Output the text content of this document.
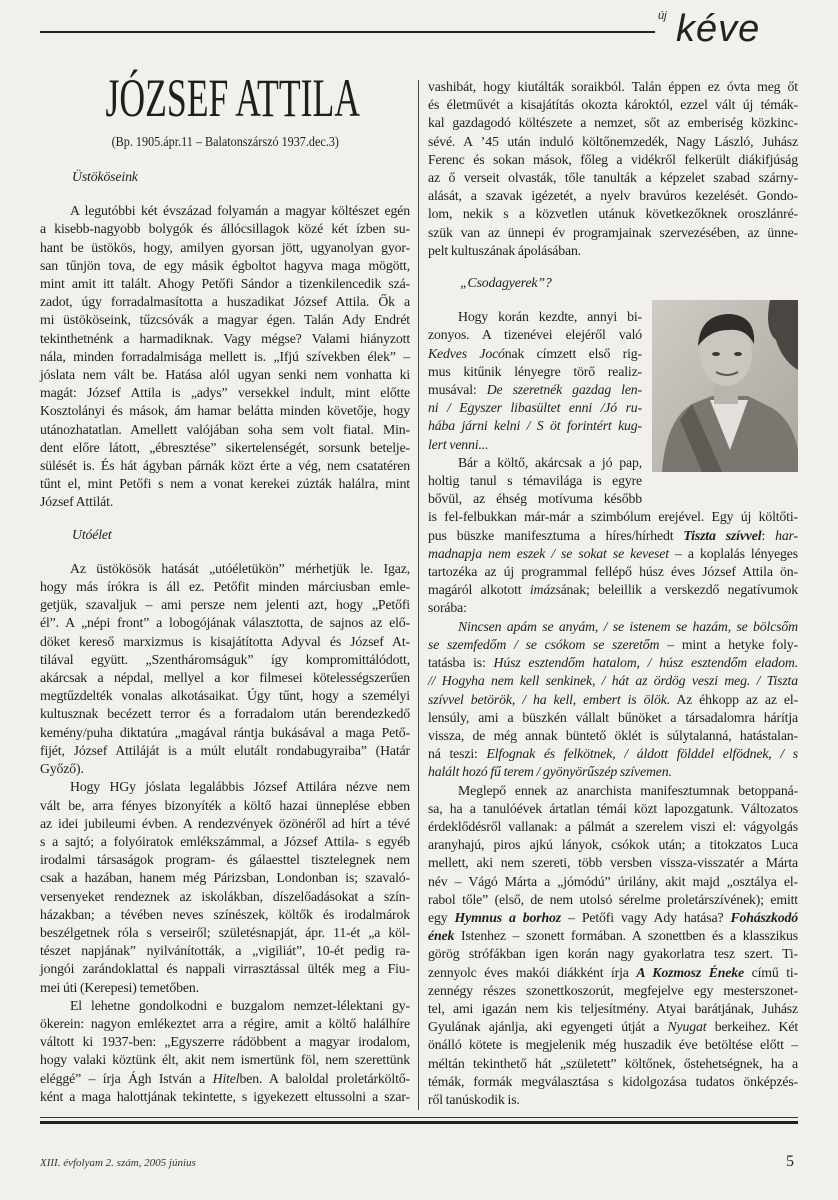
új kéve
JÓZSEF ATTILA
(Bp. 1905.ápr.11 – Balatonszárszó 1937.dec.3)
Üstököseink
A legutóbbi két évszázad folyamán a magyar költészet egén
a kisebb-nagyobb bolygók és állócsillagok közé két ízben su-
hant be üstökös, hogy, amilyen gyorsan jött, ugyanolyan gyor-
san tűnjön tova, de egy másik égboltot hagyva maga mögött,
mint amit itt talált. Ahogy Petőfi Sándor a tizenkilencedik szá-
zadot, úgy forradalmasította a huszadikat József Attila. Ők a
mi üstököseink, tűzcsóvák a magyar égen. Talán Ady Endrét
tekinthetnénk a harmadiknak. Vagy mégse? Valami hiányzott
nála, minden forradalmisága mellett is. „Ifjú szívekben élek” –
jóslata nem vált be. Hatása alól ugyan senki nem vonhatta ki
magát: József Attila is „adys” versekkel indult, mint előtte
Kosztolányi és mások, ám hamar belátta minden követője, hogy
utánozhatatlan. Amellett valójában soha sem volt fiatal. Min-
dent előre látott, „ébresztése” sikertelenségét, sorsunk betelje-
sülését is. És hát ágyban párnák közt érte a vég, nem csatatéren
tűnt el, mint Petőfi s nem a vonat kerekei zúzták halálra, mint
József Attilát.
Utóélet
Az üstökösök hatását „utóéletükön” mérhetjük le. Igaz,
hogy más írókra is áll ez. Petőfit minden márciusban emle-
getjük, szavaljuk – ami persze nem jelenti azt, hogy „Petőfi
él”. A „népi front” a lobogójának választotta, de sajnos az elő-
döket kereső marxizmus is kisajátította Adyval és József At-
tilával együtt. „Szentháromságuk” így kompromittálódott,
akárcsak a népdal, mellyel a kor filmesei kötelességszerűen
megtűzdelték vonalas alkotásaikat. Úgy tűnt, hogy a személyi
kultusznak becézett terror és a forradalom után berendezkedő
kemény/puha diktatúra „magával rántja bukásával a maga Pető-
fijét, József Attiláját is a múlt elutált rondabugyraiba” (Határ
Győző).
Hogy HGy jóslata legalábbis József Attilára nézve nem
vált be, arra fényes bizonyíték a költő hazai ünneplése ebben
az idei jubileumi évben. A rendezvények özönéről ad hírt a tévé
s a sajtó; a folyóiratok emlékszámmal, a József Attila- s egyéb
irodalmi társaságok program- és gálaesttel tisztelegnek nem
csak a hazában, hanem még Párizsban, Londonban is; szavaló-
versenyeket rendeznek az iskolákban, díszelőadásokat a szín-
házakban; a tévében neves színészek, költők és irodalmárok
beszélgetnek róla s verseiről; születésnapját, ápr. 11-ét „a köl-
tészet napjának” nyilvánították, a „vigiliát”, 10-ét pedig ra-
jongói zarándoklattal és nappali virrasztással ülték meg a Fiu-
mei úti (Kerepesi) temetőben.
El lehetne gondolkodni e buzgalom nemzet-lélektani gy-
ökerein: nagyon emlékeztet arra a régire, amit a költő halálhíre
váltott ki 1937-ben: „Egyszerre rádöbbent a magyar irodalom,
hogy valaki köztünk élt, akit nem ismertünk föl, nem szerettünk
eléggé” – írja Ágh István a Hitelben. A baloldal proletárköltő-
ként a maga halottjának tekintette, s igyekezett eltussolni a szar-
vashibát, hogy kiutálták soraikból. Talán éppen ez óvta meg őt
és életművét a kisajátítás okozta károktól, ezzel vált új témák-
kal gazdagodó költészete a nemzet, sőt az emberiség közkinc-
sévé. A ’45 után induló költőnemzedék, Nagy László, Juhász
Ferenc és sokan mások, főleg a vidékről felkerült diákifjúság
az ő verseit olvasták, tőle tanulták a képzelet szabad szárny-
alását, a szavak igézetét, a nyelv bravúros kezelését. Gondo-
lom, nekik s a közvetlen utánuk következőknek oroszlánré-
szük van az ünnepi év programjainak szervezésében, az ünne-
pelt kultuszának ápolásában.
„Csodagyerek”?
Hogy korán kezdte, annyi bi-
zonyos. A tizenévei elejéről való
Kedves Jocónak címzett első rig-
mus kitűnik lényegre törő realiz-
musával: De szeretnék gazdag len-
ni / Egyszer libasültet enni /Jó ru-
hába járni kelni / S öt forintért kug-
lert venni...
Bár a költő, akárcsak a jó pap,
holtig tanul s témavilága is egyre
bővül, az éhség motívuma később
is fel-felbukkan már-már a szimbólum erejével. Egy új költőti-
pus büszke manifesztuma a híres/hírhedt Tiszta szívvel: har-
madnapja nem eszek / se sokat se keveset – a koplalás lényeges
tartozéka az új programmal fellépő húsz éves József Attila ön-
magáról alkotott imázsának; beleillik a verskezdő negatívumok
sorába:
Nincsen apám se anyám, / se istenem se hazám, se bölcsőm
se szemfedőm / se csókom se szeretőm – mint a hetyke foly-
tatásba is: Húsz esztendőm hatalom, / húsz esztendőm eladom.
// Hogyha nem kell senkinek, / hát az ördög veszi meg. / Tiszta
szívvel betörök, / ha kell, embert is ölök. Az éhkopp az az el-
lensúly, ami a büszkén vállalt bűnöket a társadalomra hárítja
vissza, de még annak büntető öklét is súlytalanná, hatástalan-
ná teszi: Elfognak és felkötnek, / áldott földdel elfödnek, / s
halált hozó fű terem / gyönyörűszép szívemen.
Meglepő ennek az anarchista manifesztumnak betoppaná-
sa, ha a tanulóévek ártatlan témái közt lapozgatunk. Változatos
érdeklődésről vallanak: a pálmát a szerelem viszi el: vágyolgás
aranyhajú, piros ajkú lányok, csókok után; a titokzatos Luca
mellett, aki nem szereti, több versben vissza-visszatér a Márta
név – Vágó Márta a „jómódú” úrilány, akit majd „osztálya el-
rabol tőle” (első, de nem utolsó sérelme proletárszívének); emitt
egy Hymnus a borhoz – Petőfi vagy Ady hatása? Fohászkodó
ének Istenhez – szonett formában. A szonettben és a klasszikus
görög strófákban igen korán nagy gyakorlatra tesz szert. Ti-
zennyolc éves makói diákként írja A Kozmosz Éneke című ti-
zennégy részes szonettkoszorút, megfejelve egy mesterszonet-
tel, ami igazán nem kis teljesítmény. Atyai barátjának, Juhász
Gyulának ajánlja, aki egyengeti útját a Nyugat berkeihez. Két
önálló kötete is megjelenik még huszadik éve betöltése előtt –
méltán tekinthető hát „született” költőnek, őstehetségnek, ha a
témák, formák megválasztása s kidolgozása tudatos önképzés-
ről tanúskodik is.
XIII. évfolyam 2. szám, 2005 június	5
